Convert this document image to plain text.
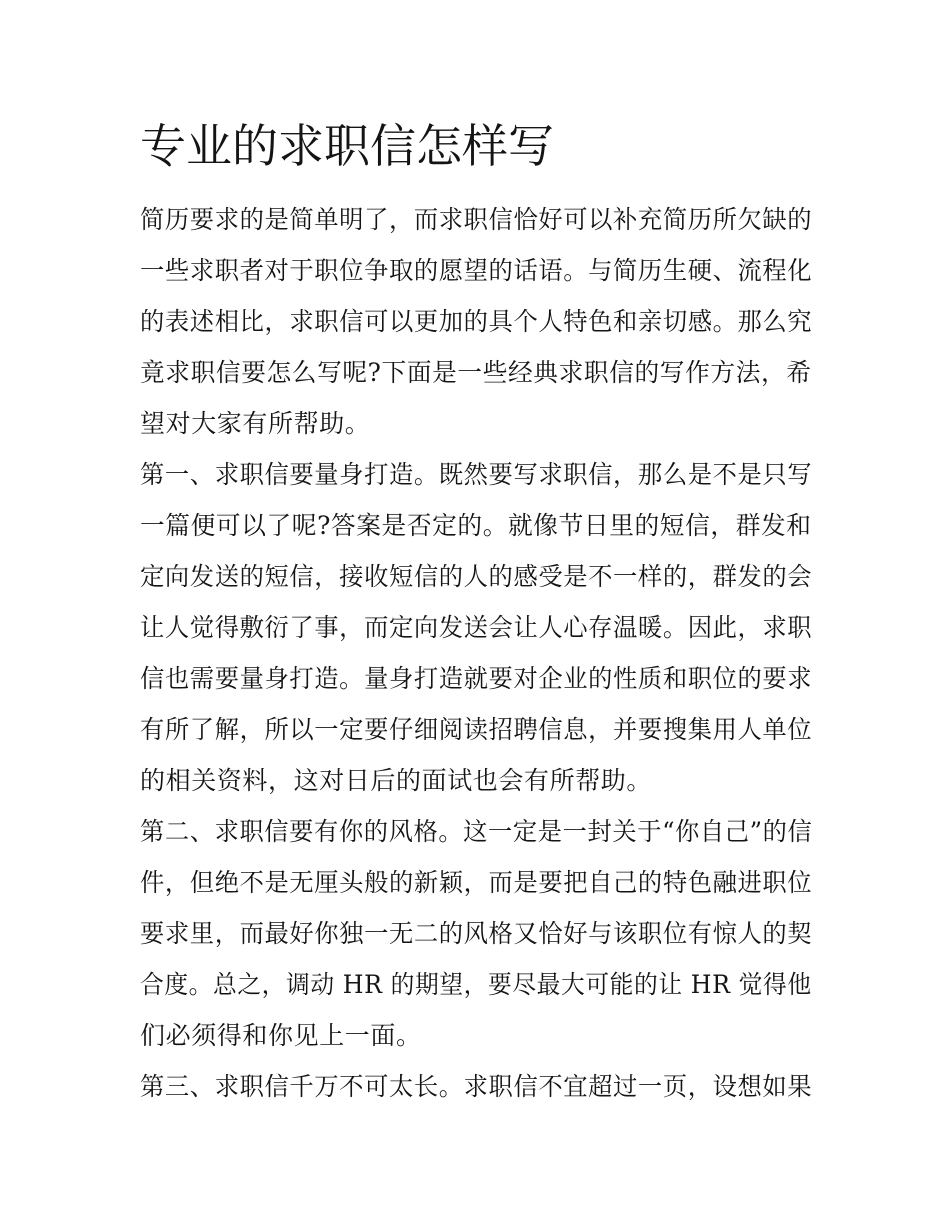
专业的求职信怎样写

简历要求的是简单明了，而求职信恰好可以补充简历所欠缺的

一些求职者对于职位争取的愿望的话语。与简历生硬、流程化

的表述相比，求职信可以更加的具个人特色和亲切感。那么究

竟求职信要怎么写呢?下面是一些经典求职信的写作方法，希

望对大家有所帮助。

第一、求职信要量身打造。既然要写求职信，那么是不是只写

一篇便可以了呢?答案是否定的。就像节日里的短信，群发和

定向发送的短信，接收短信的人的感受是不一样的，群发的会

让人觉得敷衍了事，而定向发送会让人心存温暖。因此，求职

信也需要量身打造。量身打造就要对企业的性质和职位的要求

有所了解，所以一定要仔细阅读招聘信息，并要搜集用人单位

的相关资料，这对日后的面试也会有所帮助。

第二、求职信要有你的风格。这一定是一封关于“你自己”的信

件，但绝不是无厘头般的新颖，而是要把自己的特色融进职位

要求里，而最好你独一无二的风格又恰好与该职位有惊人的契

合度。总之，调动 HR 的期望，要尽最大可能的让 HR 觉得他

们必须得和你见上一面。

第三、求职信千万不可太长。求职信不宜超过一页，设想如果
